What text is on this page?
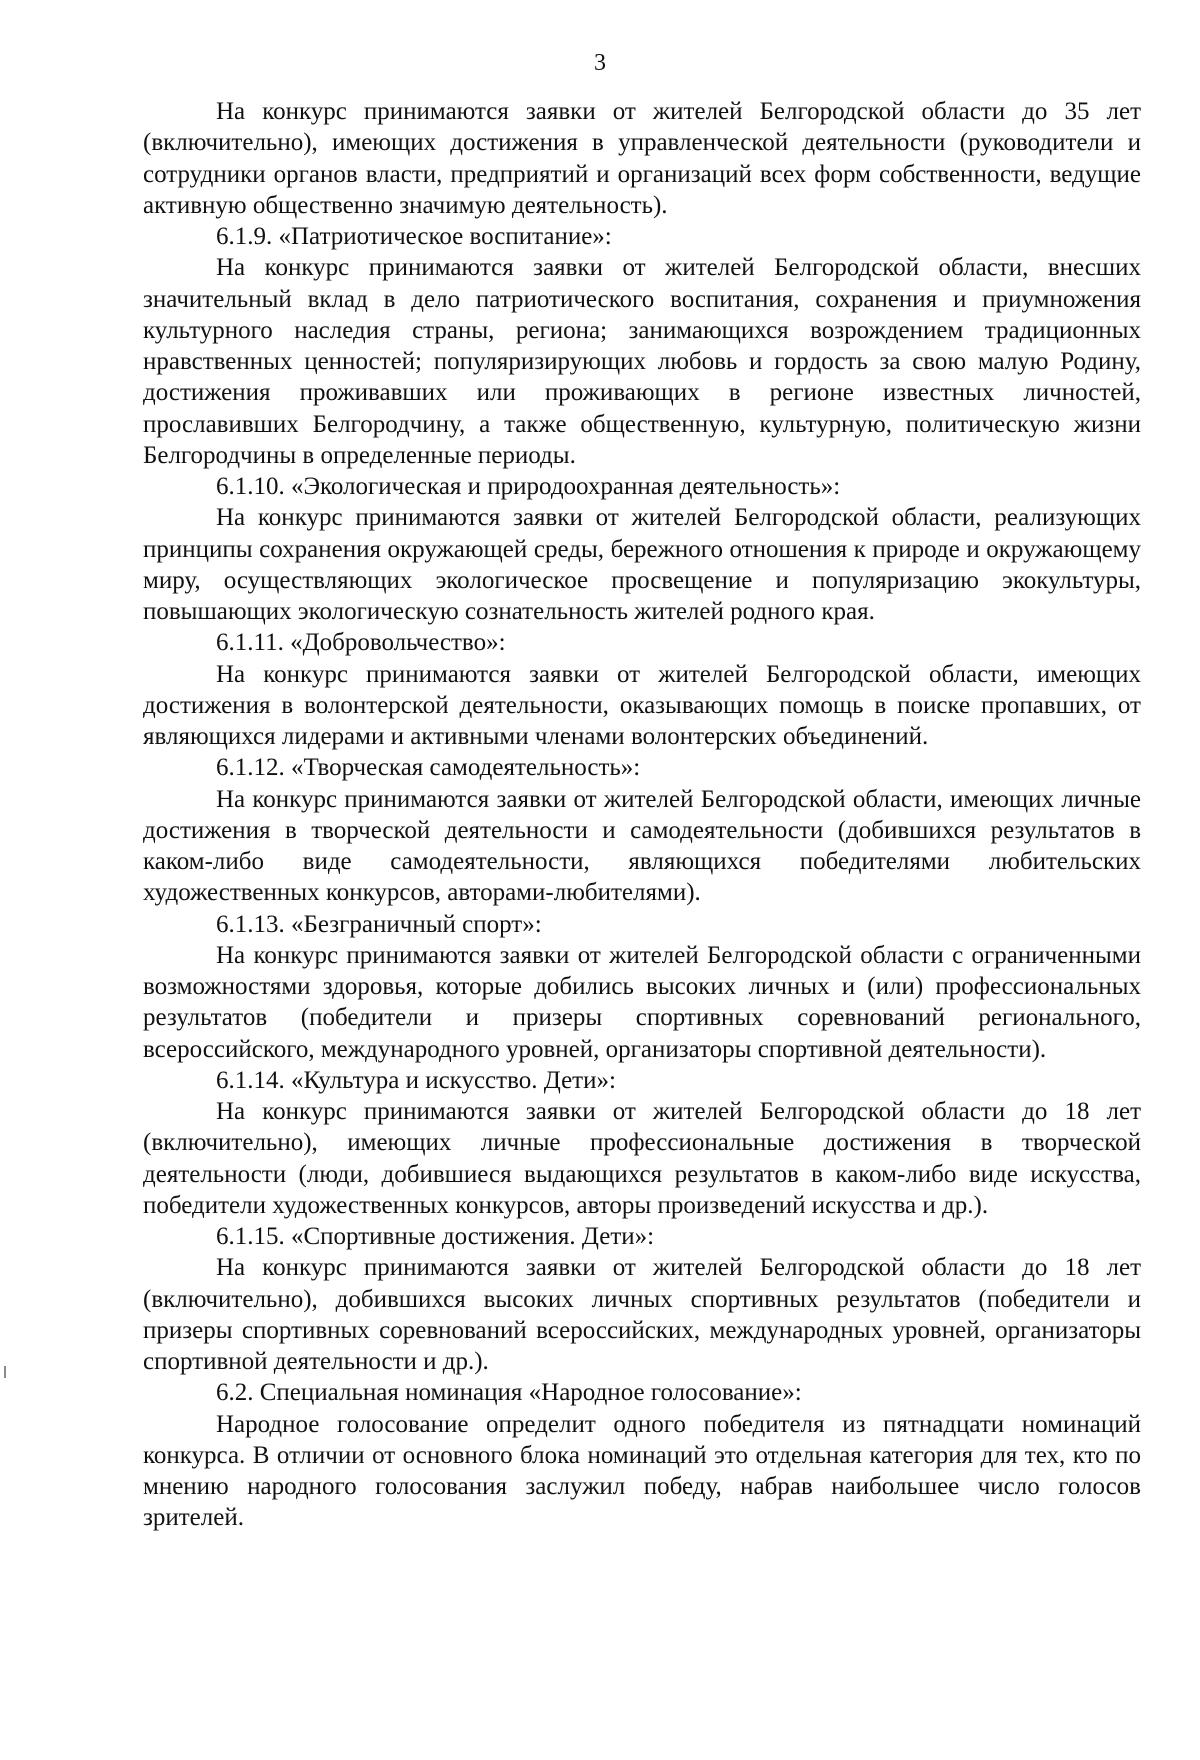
3

На конкурс принимаются заявки от жителей Белгородской области до 35 лет (включительно), имеющих достижения в управленческой деятельности (руководители и сотрудники органов власти, предприятий и организаций всех форм собственности, ведущие активную общественно значимую деятельность).

6.1.9. «Патриотическое воспитание»:

На конкурс принимаются заявки от жителей Белгородской области, внесших значительный вклад в дело патриотического воспитания, сохранения и приумножения культурного наследия страны, региона; занимающихся возрождением традиционных нравственных ценностей; популяризирующих любовь и гордость за свою малую Родину, достижения проживавших или проживающих в регионе известных личностей, прославивших Белгородчину, а также общественную, культурную, политическую жизни Белгородчины в определенные периоды.

6.1.10. «Экологическая и природоохранная деятельность»:

На конкурс принимаются заявки от жителей Белгородской области, реализующих принципы сохранения окружающей среды, бережного отношения к природе и окружающему миру, осуществляющих экологическое просвещение и популяризацию экокультуры, повышающих экологическую сознательность жителей родного края.

6.1.11. «Добровольчество»:

На конкурс принимаются заявки от жителей Белгородской области, имеющих достижения в волонтерской деятельности, оказывающих помощь в поиске пропавших, от являющихся лидерами и активными членами волонтерских объединений.

6.1.12. «Творческая самодеятельность»:

На конкурс принимаются заявки от жителей Белгородской области, имеющих личные достижения в творческой деятельности и самодеятельности (добившихся результатов в каком-либо виде самодеятельности, являющихся победителями любительских художественных конкурсов, авторами-любителями).

6.1.13. «Безграничный спорт»:

На конкурс принимаются заявки от жителей Белгородской области с ограниченными возможностями здоровья, которые добились высоких личных и (или) профессиональных результатов (победители и призеры спортивных соревнований регионального, всероссийского, международного уровней, организаторы спортивной деятельности).

6.1.14. «Культура и искусство. Дети»:

На конкурс принимаются заявки от жителей Белгородской области до 18 лет (включительно), имеющих личные профессиональные достижения в творческой деятельности (люди, добившиеся выдающихся результатов в каком-либо виде искусства, победители художественных конкурсов, авторы произведений искусства и др.).

6.1.15. «Спортивные достижения. Дети»:

На конкурс принимаются заявки от жителей Белгородской области до 18 лет (включительно), добившихся высоких личных спортивных результатов (победители и призеры спортивных соревнований всероссийских, международных уровней, организаторы спортивной деятельности и др.).

6.2. Специальная номинация «Народное голосование»:

Народное голосование определит одного победителя из пятнадцати номинаций конкурса. В отличии от основного блока номинаций это отдельная категория для тех, кто по мнению народного голосования заслужил победу, набрав наибольшее число голосов зрителей.
